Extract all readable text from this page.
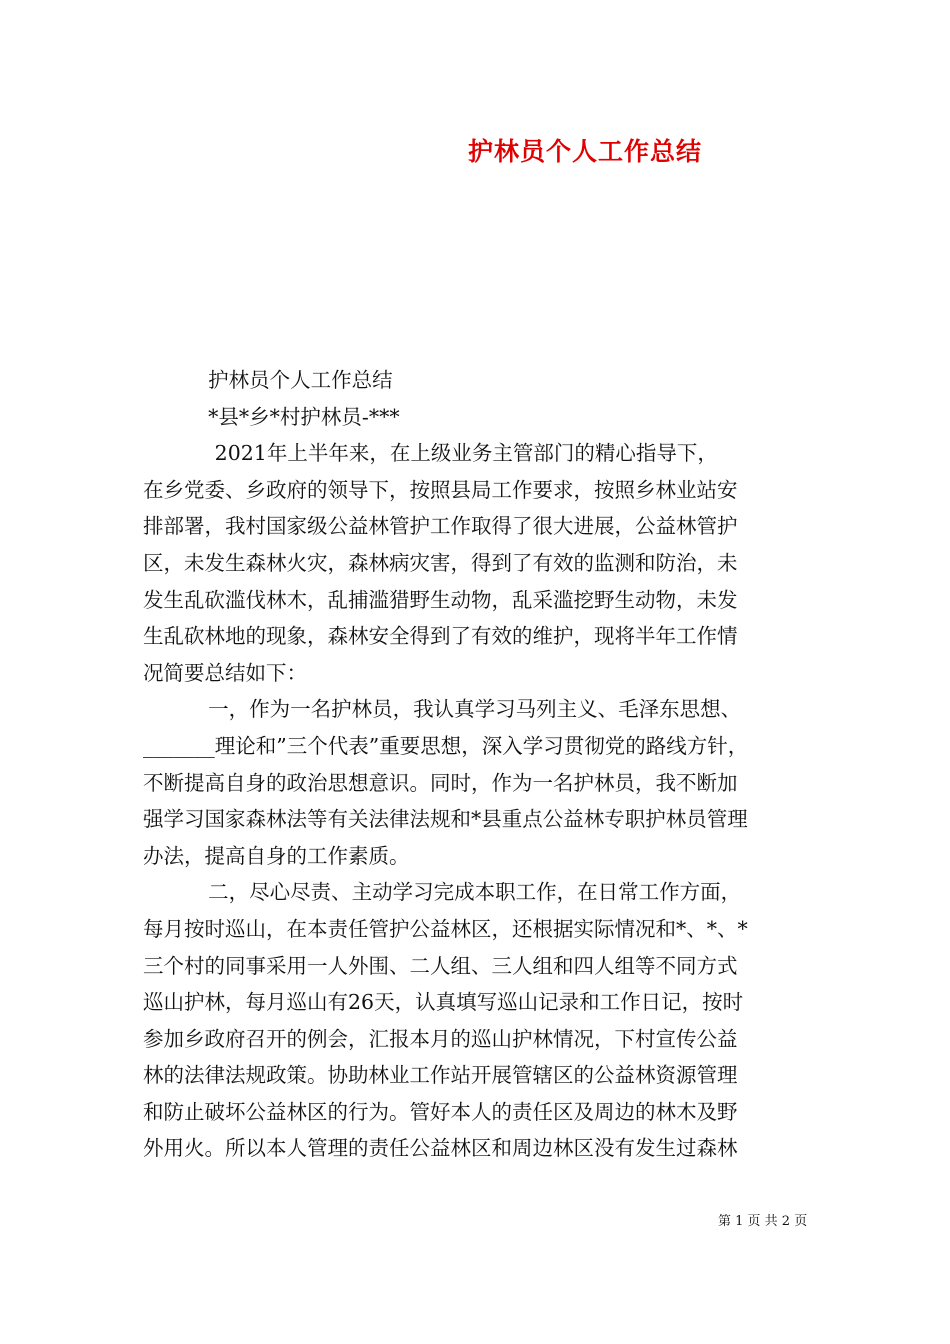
护林员个人工作总结
护林员个人工作总结
*县*乡*村护林员-***
2021年上半年来，在上级业务主管部门的精心指导下，
在乡党委、乡政府的领导下，按照县局工作要求，按照乡林业站安
排部署，我村国家级公益林管护工作取得了很大进展，公益林管护
区，未发生森林火灾，森林病灾害，得到了有效的监测和防治，未
发生乱砍滥伐林木，乱捕滥猎野生动物，乱采滥挖野生动物，未发
生乱砍林地的现象，森林安全得到了有效的维护，现将半年工作情
况简要总结如下：
一，作为一名护林员，我认真学习马列主义、毛泽东思想、
_______理论和”三个代表”重要思想，深入学习贯彻党的路线方针，
不断提高自身的政治思想意识。同时，作为一名护林员，我不断加
强学习国家森林法等有关法律法规和*县重点公益林专职护林员管理
办法，提高自身的工作素质。
二，尽心尽责、主动学习完成本职工作，在日常工作方面，
每月按时巡山，在本责任管护公益林区，还根据实际情况和*、*、*
三个村的同事采用一人外围、二人组、三人组和四人组等不同方式
巡山护林，每月巡山有26天，认真填写巡山记录和工作日记，按时
参加乡政府召开的例会，汇报本月的巡山护林情况，下村宣传公益
林的法律法规政策。协助林业工作站开展管辖区的公益林资源管理
和防止破坏公益林区的行为。管好本人的责任区及周边的林木及野
外用火。所以本人管理的责任公益林区和周边林区没有发生过森林
第 1 页 共 2 页
